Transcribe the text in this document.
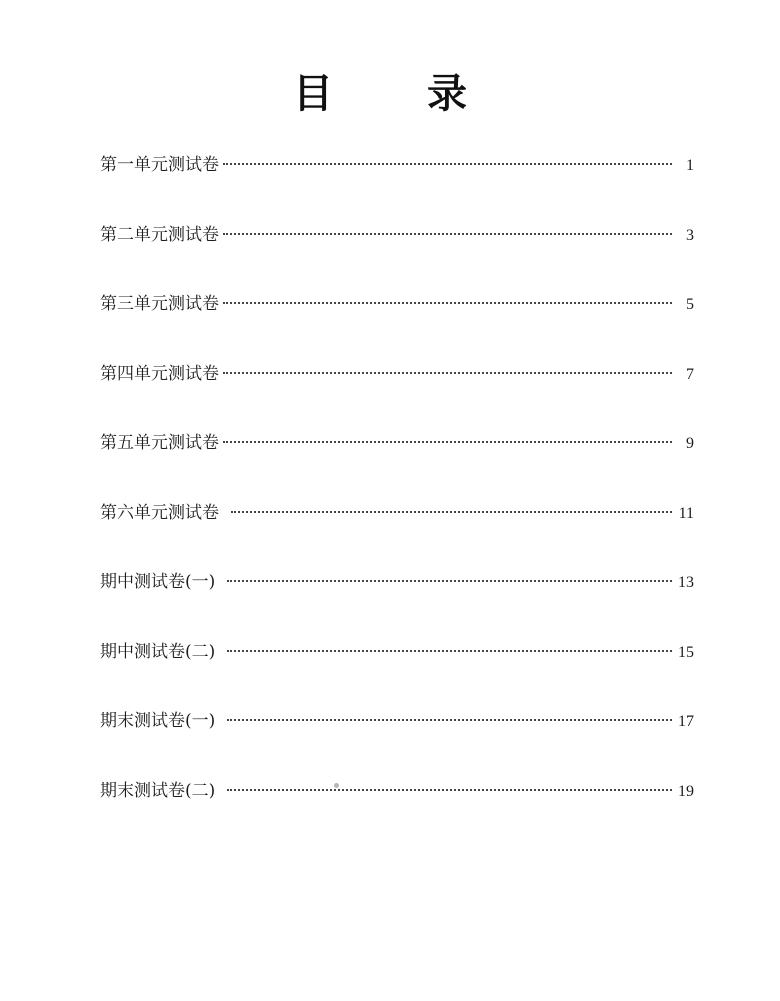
目 录
第一单元测试卷	1
第二单元测试卷	3
第三单元测试卷	5
第四单元测试卷	7
第五单元测试卷	9
第六单元测试卷	11
期中测试卷(一)	13
期中测试卷(二)	15
期末测试卷(一)	17
期末测试卷(二)	19
